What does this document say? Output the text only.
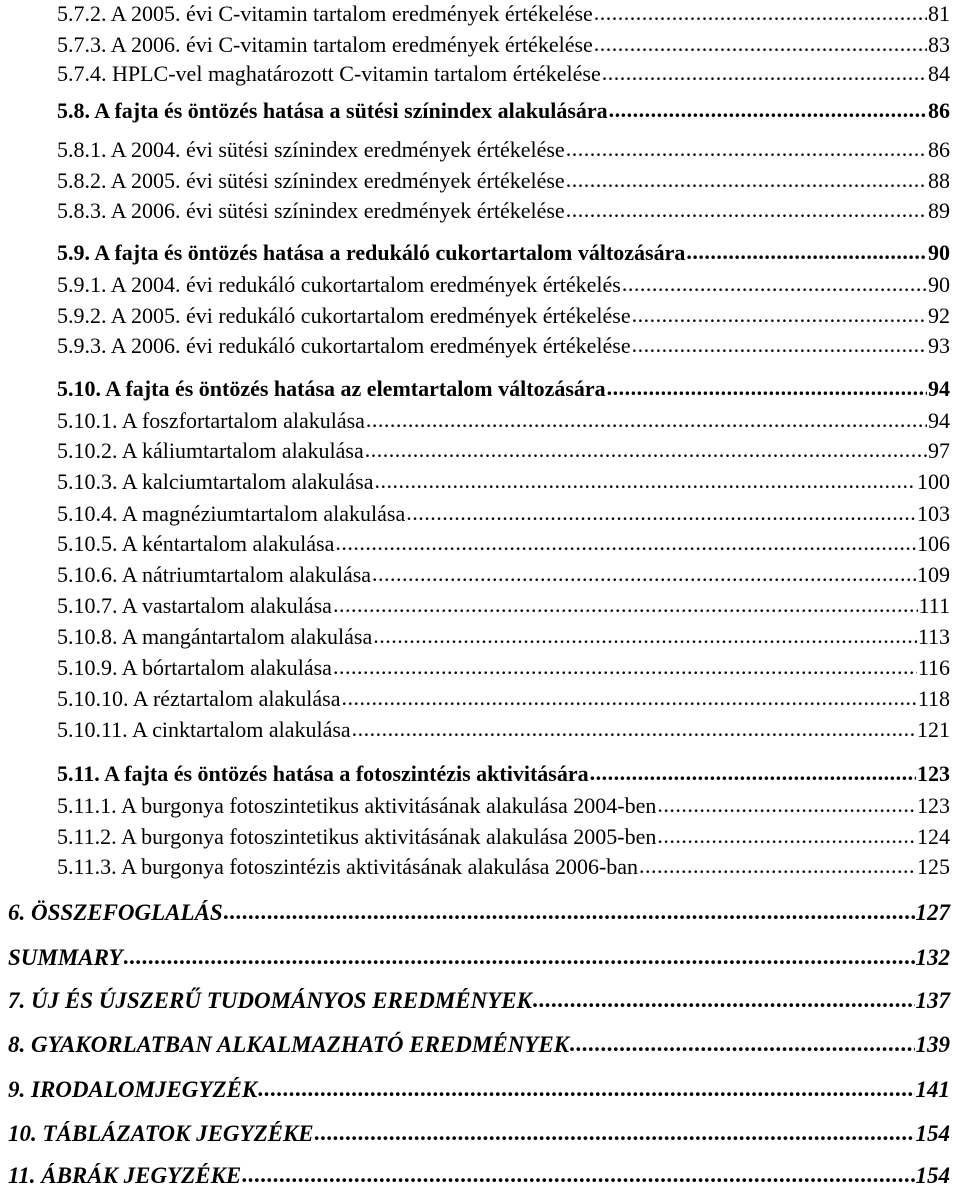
5.7.2. A 2005. évi C-vitamin tartalom eredmények értékelése .....	81
5.7.3. A 2006. évi C-vitamin tartalom eredmények értékelése .....	83
5.7.4. HPLC-vel maghatározott C-vitamin tartalom értékelése .....	84
5.8. A fajta és öntözés hatása a sütési színindex alakulására .....	86
5.8.1. A 2004. évi sütési színindex eredmények értékelése .....	86
5.8.2. A 2005. évi sütési színindex eredmények értékelése .....	88
5.8.3. A 2006. évi sütési színindex eredmények értékelése .....	89
5.9. A fajta és öntözés hatása a redukáló cukortartalom változására .....	90
5.9.1. A 2004. évi redukáló cukortartalom eredmények értékelés .....	90
5.9.2. A 2005. évi redukáló cukortartalom eredmények értékelése .....	92
5.9.3. A 2006. évi redukáló cukortartalom eredmények értékelése .....	93
5.10. A fajta és öntözés hatása az elemtartalom változására .....	94
5.10.1. A foszfortartalom alakulása .....	94
5.10.2. A káliumtartalom alakulása .....	97
5.10.3. A kalciumtartalom alakulása .....	100
5.10.4. A magnéziumtartalom alakulása .....	103
5.10.5. A kéntartalom alakulása .....	106
5.10.6. A nátriumtartalom alakulása .....	109
5.10.7. A vastartalom alakulása .....	111
5.10.8. A mangántartalom alakulása .....	113
5.10.9. A bórtartalom alakulása .....	116
5.10.10. A réztartalom alakulása .....	118
5.10.11. A cinktartalom alakulása .....	121
5.11. A fajta és öntözés hatása a fotoszintézis aktivitására .....	123
5.11.1. A burgonya fotoszintetikus aktivitásának alakulása 2004-ben .....	123
5.11.2. A burgonya fotoszintetikus aktivitásának alakulása 2005-ben .....	124
5.11.3. A burgonya fotoszintézis aktivitásának alakulása 2006-ban .....	125
6. ÖSSZEFOGLALÁS .....	127
SUMMARY .....	132
7. ÚJ ÉS ÚJSZERŰ TUDOMÁNYOS EREDMÉNYEK .....	137
8. GYAKORLATBAN ALKALMAZHATÓ EREDMÉNYEK .....	139
9. IRODALOMJEGYZÉK .....	141
10. TÁBLÁZATOK JEGYZÉKE .....	154
11. ÁBRÁK JEGYZÉKE .....	154
